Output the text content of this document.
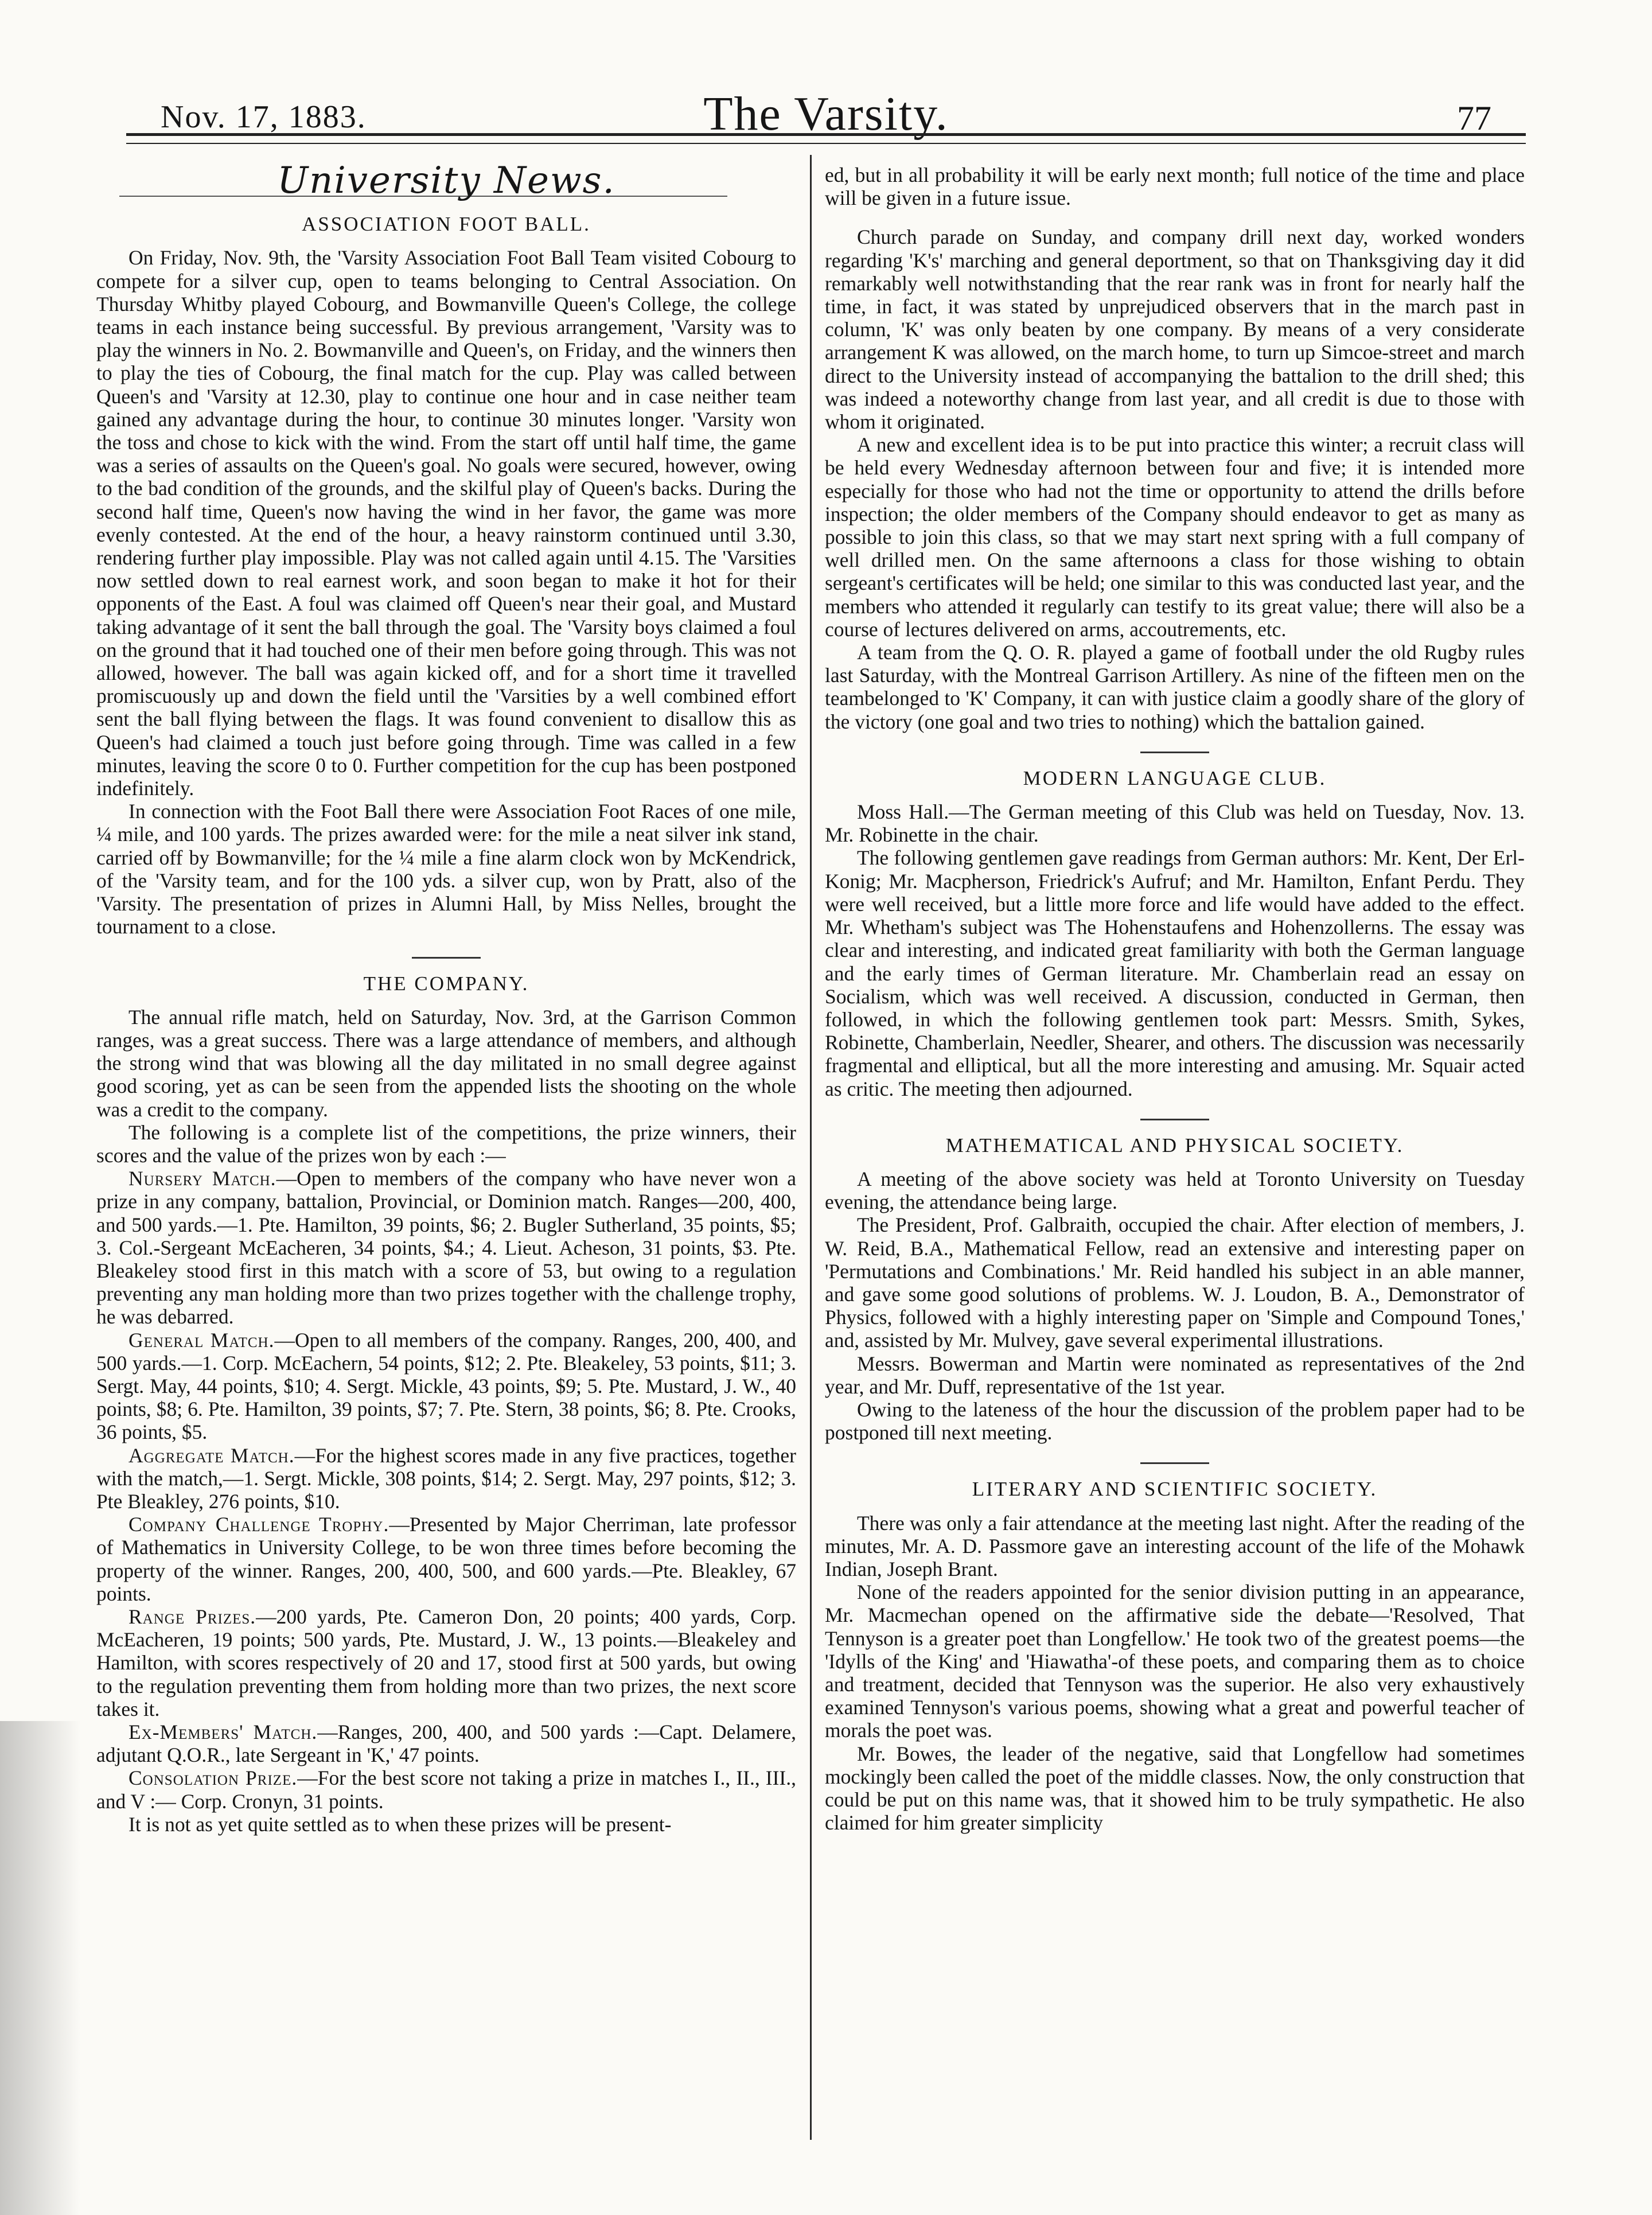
Nov. 17, 1883.	The Varsity.	77
University News.
ASSOCIATION FOOT BALL.

On Friday, Nov. 9th, the 'Varsity Association Foot Ball Team visited Cobourg to compete for a silver cup, open to teams belonging to Central Association. On Thursday Whitby played Cobourg, and Bowmanville Queen's College, the college teams in each instance being successful. By previous arrangement, 'Varsity was to play the winners in No. 2. Bowmanville and Queen's, on Friday, and the winners then to play the ties of Cobourg, the final match for the cup. Play was called between Queen's and 'Varsity at 12.30, play to continue one hour and in case neither team gained any advantage during the hour, to continue 30 minutes longer. 'Varsity won the toss and chose to kick with the wind. From the start off until half time, the game was a series of assaults on the Queen's goal. No goals were secured, however, owing to the bad condition of the grounds, and the skilful play of Queen's backs. During the second half time, Queen's now having the wind in her favor, the game was more evenly contested. At the end of the hour, a heavy rainstorm continued until 3.30, rendering further play impossible. Play was not called again until 4.15. The 'Varsities now settled down to real earnest work, and soon began to make it hot for their opponents of the East. A foul was claimed off Queen's near their goal, and Mustard taking advantage of it sent the ball through the goal. The 'Varsity boys claimed a foul on the ground that it had touched one of their men before going through. This was not allowed, however. The ball was again kicked off, and for a short time it travelled promiscuously up and down the field until the 'Varsities by a well combined effort sent the ball flying between the flags. It was found convenient to disallow this as Queen's had claimed a touch just before going through. Time was called in a few minutes, leaving the score 0 to 0. Further competition for the cup has been postponed indefinitely.

In connection with the Foot Ball there were Association Foot Races of one mile, ¼ mile, and 100 yards. The prizes awarded were: for the mile a neat silver ink stand, carried off by Bowmanville; for the ¼ mile a fine alarm clock won by McKendrick, of the 'Varsity team, and for the 100 yds. a silver cup, won by Pratt, also of the 'Varsity. The presentation of prizes in Alumni Hall, by Miss Nelles, brought the tournament to a close.

THE COMPANY.

The annual rifle match, held on Saturday, Nov. 3rd, at the Garrison Common ranges, was a great success. There was a large attendance of members, and although the strong wind that was blowing all the day militated in no small degree against good scoring, yet as can be seen from the appended lists the shooting on the whole was a credit to the company.

The following is a complete list of the competitions, the prize winners, their scores and the value of the prizes won by each :—

Nursery Match.—Open to members of the company who have never won a prize in any company, battalion, Provincial, or Dominion match. Ranges—200, 400, and 500 yards.—1. Pte. Hamilton, 39 points, $6; 2. Bugler Sutherland, 35 points, $5; 3. Col.-Sergeant McEacheren, 34 points, $4.; 4. Lieut. Acheson, 31 points, $3. Pte. Bleakeley stood first in this match with a score of 53, but owing to a regulation preventing any man holding more than two prizes together with the challenge trophy, he was debarred.

General Match.—Open to all members of the company. Ranges, 200, 400, and 500 yards.—1. Corp. McEachern, 54 points, $12; 2. Pte. Bleakeley, 53 points, $11; 3. Sergt. May, 44 points, $10; 4. Sergt. Mickle, 43 points, $9; 5. Pte. Mustard, J. W., 40 points, $8; 6. Pte. Hamilton, 39 points, $7; 7. Pte. Stern, 38 points, $6; 8. Pte. Crooks, 36 points, $5.

Aggregate Match.—For the highest scores made in any five practices, together with the match,—1. Sergt. Mickle, 308 points, $14; 2. Sergt. May, 297 points, $12; 3. Pte Bleakley, 276 points, $10.

Company Challenge Trophy.—Presented by Major Cherriman, late professor of Mathematics in University College, to be won three times before becoming the property of the winner. Ranges, 200, 400, 500, and 600 yards.—Pte. Bleakley, 67 points.

Range Prizes.—200 yards, Pte. Cameron Don, 20 points; 400 yards, Corp. McEacheren, 19 points; 500 yards, Pte. Mustard, J. W., 13 points.—Bleakeley and Hamilton, with scores respectively of 20 and 17, stood first at 500 yards, but owing to the regulation preventing them from holding more than two prizes, the next score takes it.

Ex-Members' Match.—Ranges, 200, 400, and 500 yards :—Capt. Delamere, adjutant Q.O.R., late Sergeant in 'K,' 47 points.

Consolation Prize.—For the best score not taking a prize in matches I., II., III., and V :— Corp. Cronyn, 31 points.

It is not as yet quite settled as to when these prizes will be present-

ed, but in all probability it will be early next month; full notice of the time and place will be given in a future issue.

Church parade on Sunday, and company drill next day, worked wonders regarding 'K's' marching and general deportment, so that on Thanksgiving day it did remarkably well notwithstanding that the rear rank was in front for nearly half the time, in fact, it was stated by unprejudiced observers that in the march past in column, 'K' was only beaten by one company. By means of a very considerate arrangement K was allowed, on the march home, to turn up Simcoe-street and march direct to the University instead of accompanying the battalion to the drill shed; this was indeed a noteworthy change from last year, and all credit is due to those with whom it originated.

A new and excellent idea is to be put into practice this winter; a recruit class will be held every Wednesday afternoon between four and five; it is intended more especially for those who had not the time or opportunity to attend the drills before inspection; the older members of the Company should endeavor to get as many as possible to join this class, so that we may start next spring with a full company of well drilled men. On the same afternoons a class for those wishing to obtain sergeant's certificates will be held; one similar to this was conducted last year, and the members who attended it regularly can testify to its great value; there will also be a course of lectures delivered on arms, accoutrements, etc.

A team from the Q. O. R. played a game of football under the old Rugby rules last Saturday, with the Montreal Garrison Artillery. As nine of the fifteen men on the teambelonged to 'K' Company, it can with justice claim a goodly share of the glory of the victory (one goal and two tries to nothing) which the battalion gained.

MODERN LANGUAGE CLUB.

Moss Hall.—The German meeting of this Club was held on Tuesday, Nov. 13. Mr. Robinette in the chair.

The following gentlemen gave readings from German authors: Mr. Kent, Der Erl-Konig; Mr. Macpherson, Friedrick's Aufruf; and Mr. Hamilton, Enfant Perdu. They were well received, but a little more force and life would have added to the effect. Mr. Whetham's subject was The Hohenstaufens and Hohenzollerns. The essay was clear and interesting, and indicated great familiarity with both the German language and the early times of German literature. Mr. Chamberlain read an essay on Socialism, which was well received. A discussion, conducted in German, then followed, in which the following gentlemen took part: Messrs. Smith, Sykes, Robinette, Chamberlain, Needler, Shearer, and others. The discussion was necessarily fragmental and elliptical, but all the more interesting and amusing. Mr. Squair acted as critic. The meeting then adjourned.

MATHEMATICAL AND PHYSICAL SOCIETY.

A meeting of the above society was held at Toronto University on Tuesday evening, the attendance being large.

The President, Prof. Galbraith, occupied the chair. After election of members, J. W. Reid, B.A., Mathematical Fellow, read an extensive and interesting paper on 'Permutations and Combinations.' Mr. Reid handled his subject in an able manner, and gave some good solutions of problems. W. J. Loudon, B. A., Demonstrator of Physics, followed with a highly interesting paper on 'Simple and Compound Tones,' and, assisted by Mr. Mulvey, gave several experimental illustrations.

Messrs. Bowerman and Martin were nominated as representatives of the 2nd year, and Mr. Duff, representative of the 1st year.

Owing to the lateness of the hour the discussion of the problem paper had to be postponed till next meeting.

LITERARY AND SCIENTIFIC SOCIETY.

There was only a fair attendance at the meeting last night. After the reading of the minutes, Mr. A. D. Passmore gave an interesting account of the life of the Mohawk Indian, Joseph Brant.

None of the readers appointed for the senior division putting in an appearance, Mr. Macmechan opened on the affirmative side the debate—'Resolved, That Tennyson is a greater poet than Longfellow.' He took two of the greatest poems—the 'Idylls of the King' and 'Hiawatha'-of these poets, and comparing them as to choice and treatment, decided that Tennyson was the superior. He also very exhaustively examined Tennyson's various poems, showing what a great and powerful teacher of morals the poet was.

Mr. Bowes, the leader of the negative, said that Longfellow had sometimes mockingly been called the poet of the middle classes. Now, the only construction that could be put on this name was, that it showed him to be truly sympathetic. He also claimed for him greater simplicity
